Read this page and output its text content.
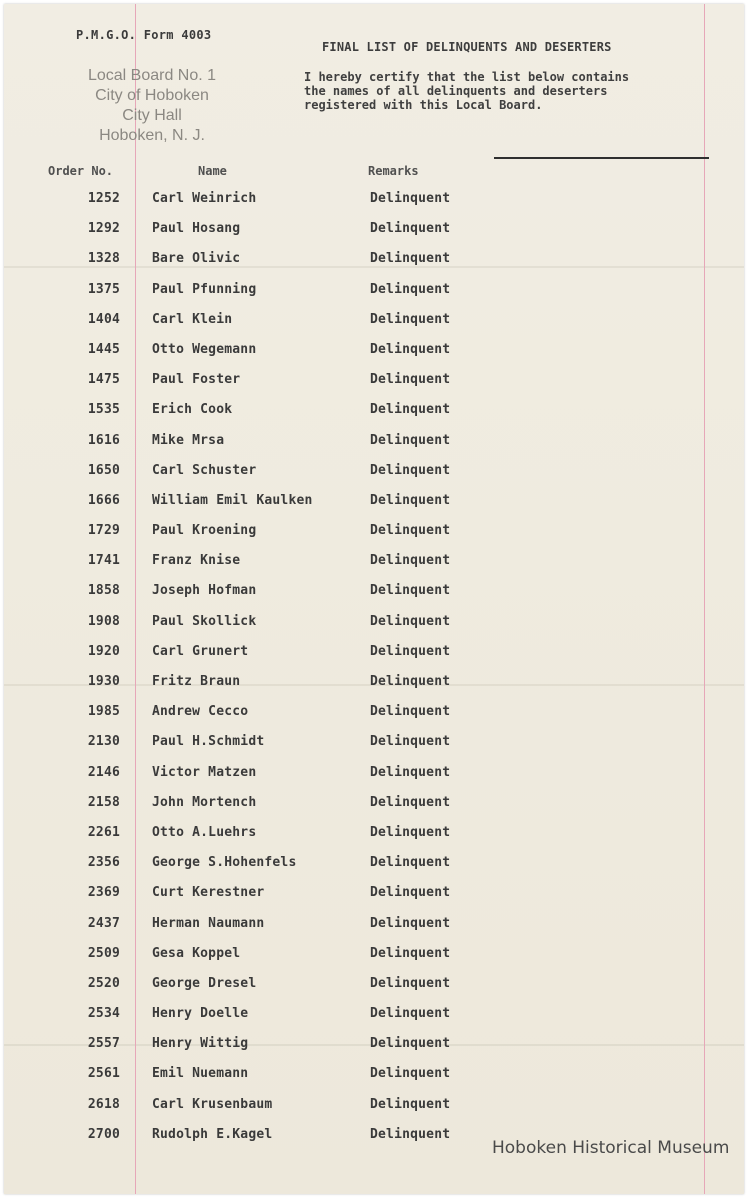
P.M.G.O. Form 4003
Local Board No. 1
City of Hoboken
City Hall
Hoboken, N. J.
FINAL LIST OF DELINQUENTS AND DESERTERS
I hereby certify that the list below contains
the names of all delinquents and deserters
registered with this Local Board.
Order No.	Name	Remarks
1252 Carl Weinrich	Delinquent
1292 Paul Hosang	Delinquent
1328 Bare Olivic	Delinquent
1375 Paul Pfunning	Delinquent
1404 Carl Klein	Delinquent
1445 Otto Wegemann	Delinquent
1475 Paul Foster	Delinquent
1535 Erich Cook	Delinquent
1616 Mike Mrsa	Delinquent
1650 Carl Schuster	Delinquent
1666 William Emil Kaulken	Delinquent
1729 Paul Kroening	Delinquent
1741 Franz Knise	Delinquent
1858 Joseph Hofman	Delinquent
1908 Paul Skollick	Delinquent
1920 Carl Grunert	Delinquent
1930 Fritz Braun	Delinquent
1985 Andrew Cecco	Delinquent
2130 Paul H.Schmidt	Delinquent
2146 Victor Matzen	Delinquent
2158 John Mortench	Delinquent
2261 Otto A.Luehrs	Delinquent
2356 George S.Hohenfels	Delinquent
2369 Curt Kerestner	Delinquent
2437 Herman Naumann	Delinquent
2509 Gesa Koppel	Delinquent
2520 George Dresel	Delinquent
2534 Henry Doelle	Delinquent
2557 Henry Wittig	Delinquent
2561 Emil Nuemann	Delinquent
2618 Carl Krusenbaum	Delinquent
2700 Rudolph E.Kagel	Delinquent
Hoboken Historical Museum
